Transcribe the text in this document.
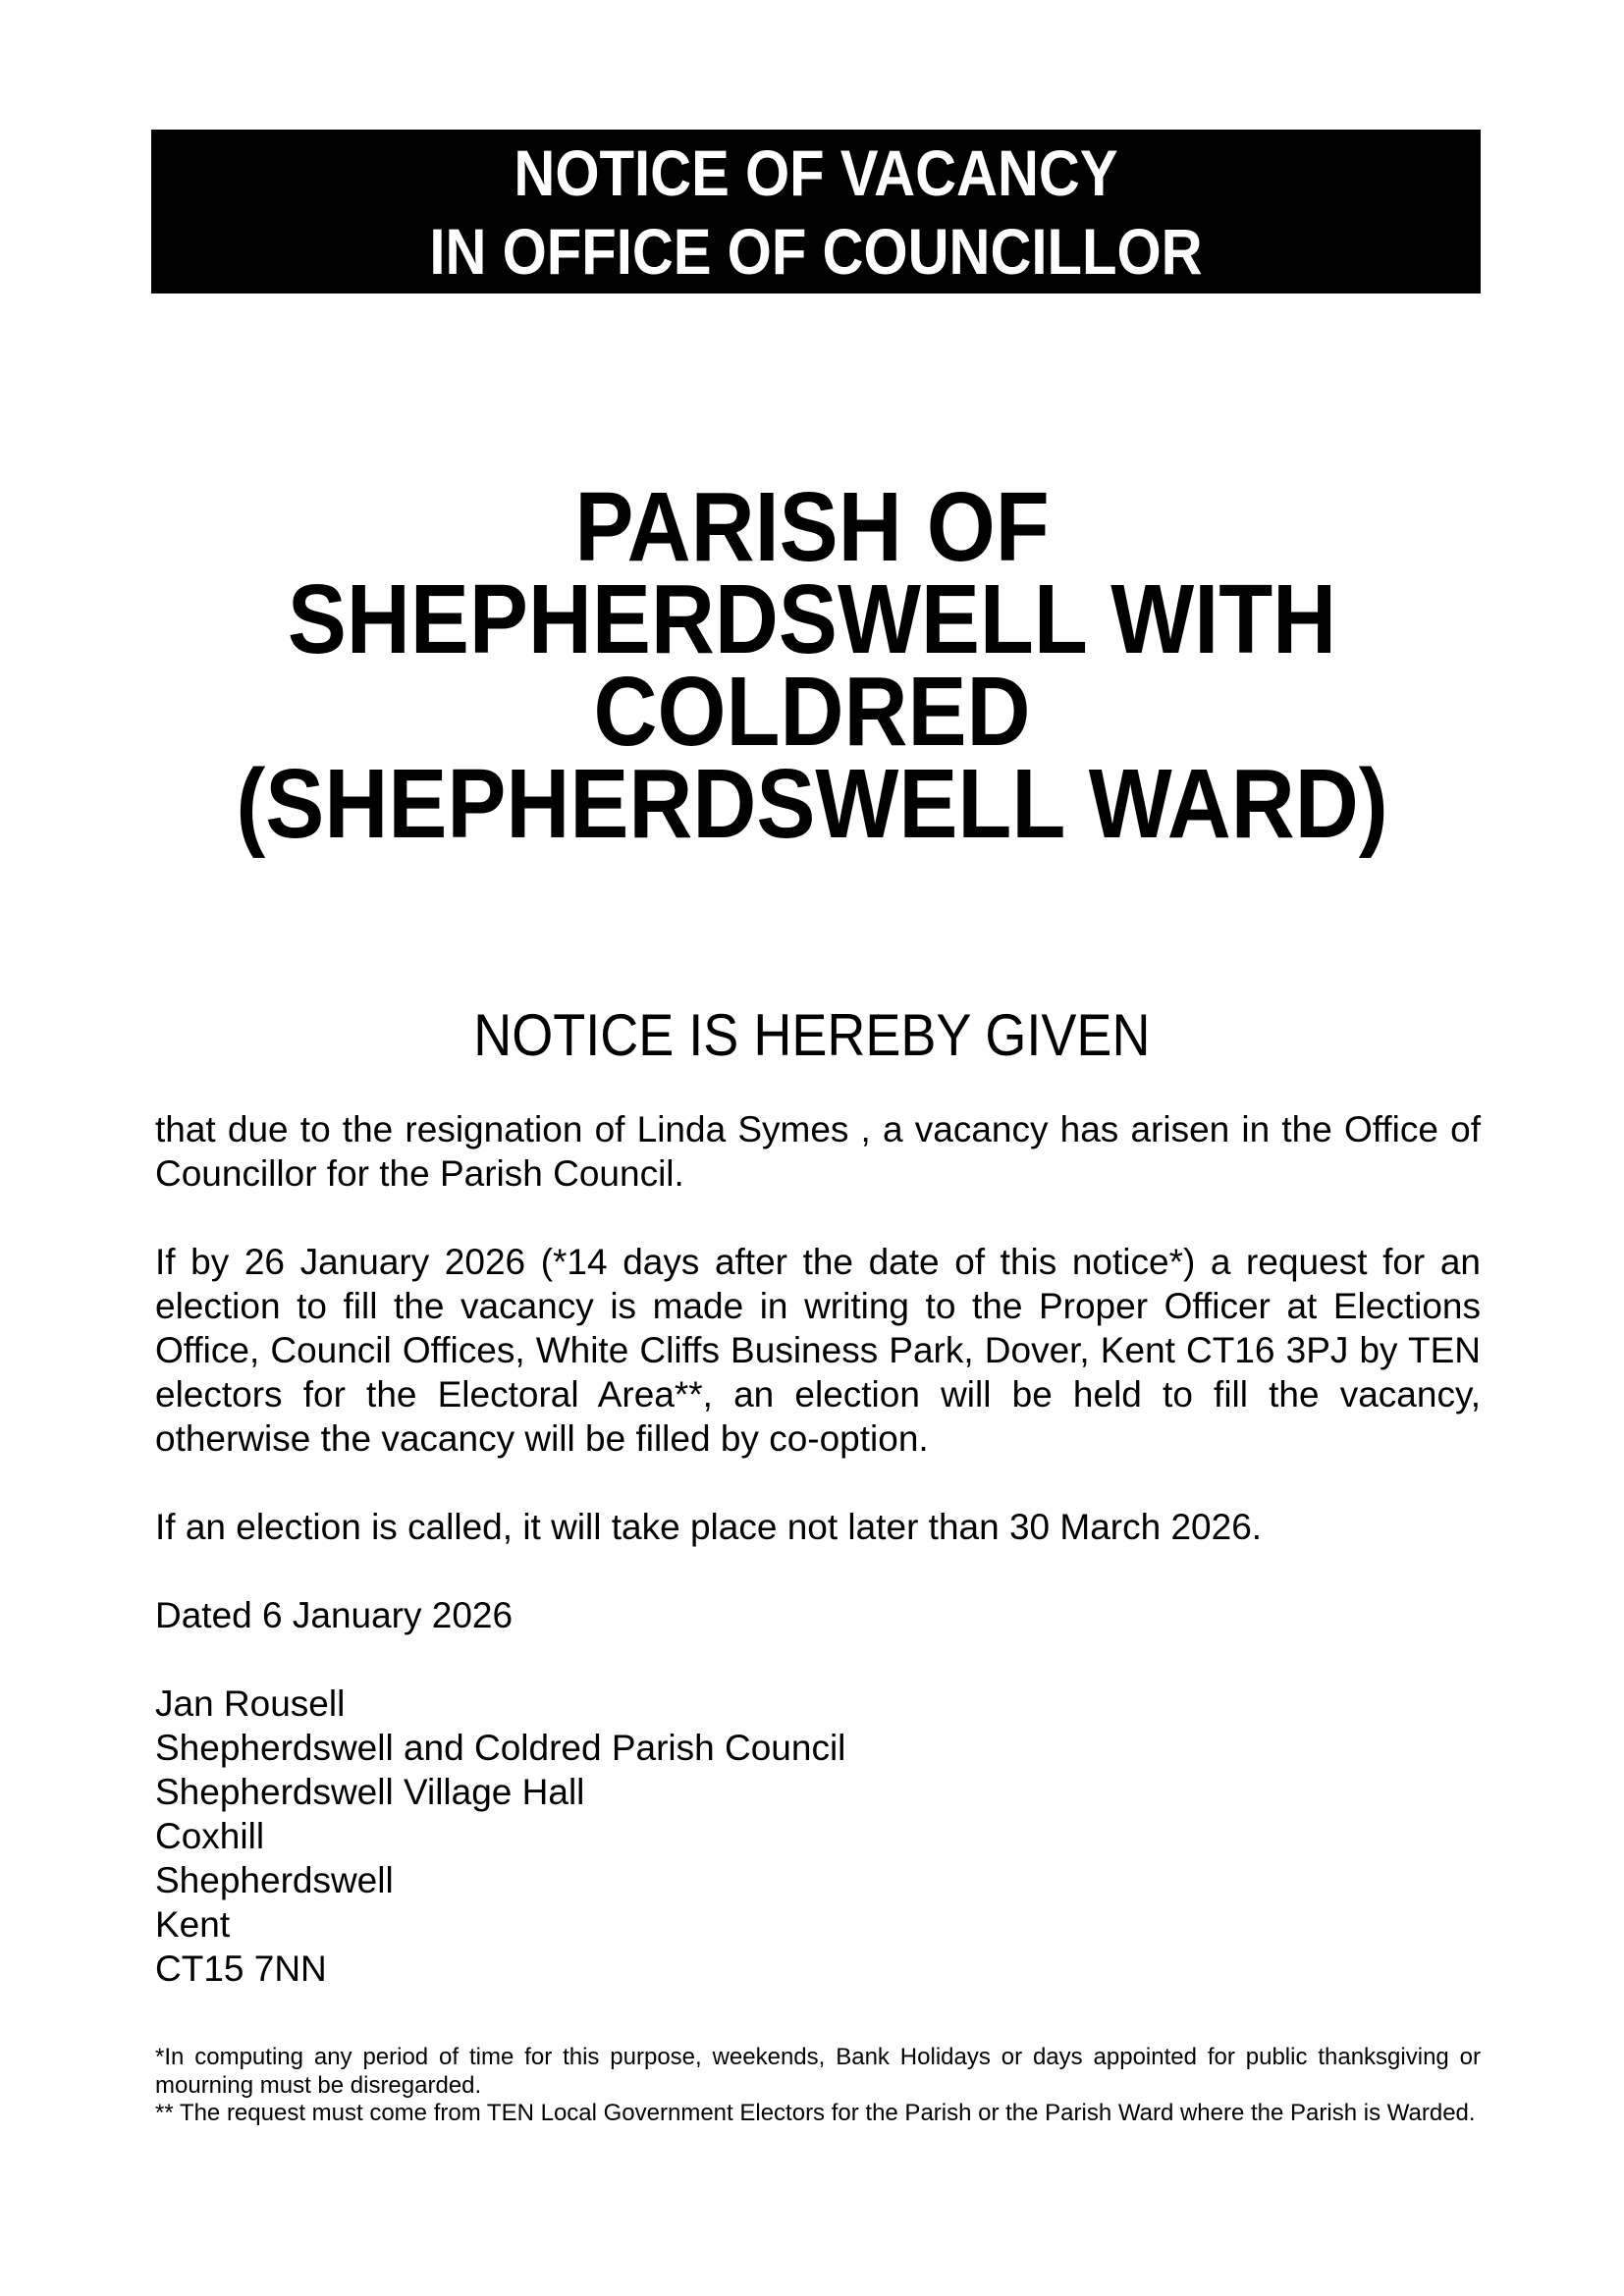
NOTICE OF VACANCY
IN OFFICE OF COUNCILLOR
PARISH OF
SHEPHERDSWELL WITH
COLDRED
(SHEPHERDSWELL WARD)
NOTICE IS HEREBY GIVEN

that due to the resignation of Linda Symes , a vacancy has arisen in the Office of Councillor for the Parish Council.

If by 26 January 2026 (*14 days after the date of this notice*) a request for an election to fill the vacancy is made in writing to the Proper Officer at Elections Office, Council Offices, White Cliffs Business Park, Dover, Kent CT16 3PJ by TEN electors for the Electoral Area**, an election will be held to fill the vacancy, otherwise the vacancy will be filled by co-option.

If an election is called, it will take place not later than 30 March 2026.

Dated 6 January 2026

Jan Rousell
Shepherdswell and Coldred Parish Council
Shepherdswell Village Hall
Coxhill
Shepherdswell
Kent
CT15 7NN

*In computing any period of time for this purpose, weekends, Bank Holidays or days appointed for public thanksgiving or mourning must be disregarded.

** The request must come from TEN Local Government Electors for the Parish or the Parish Ward where the Parish is Warded.
